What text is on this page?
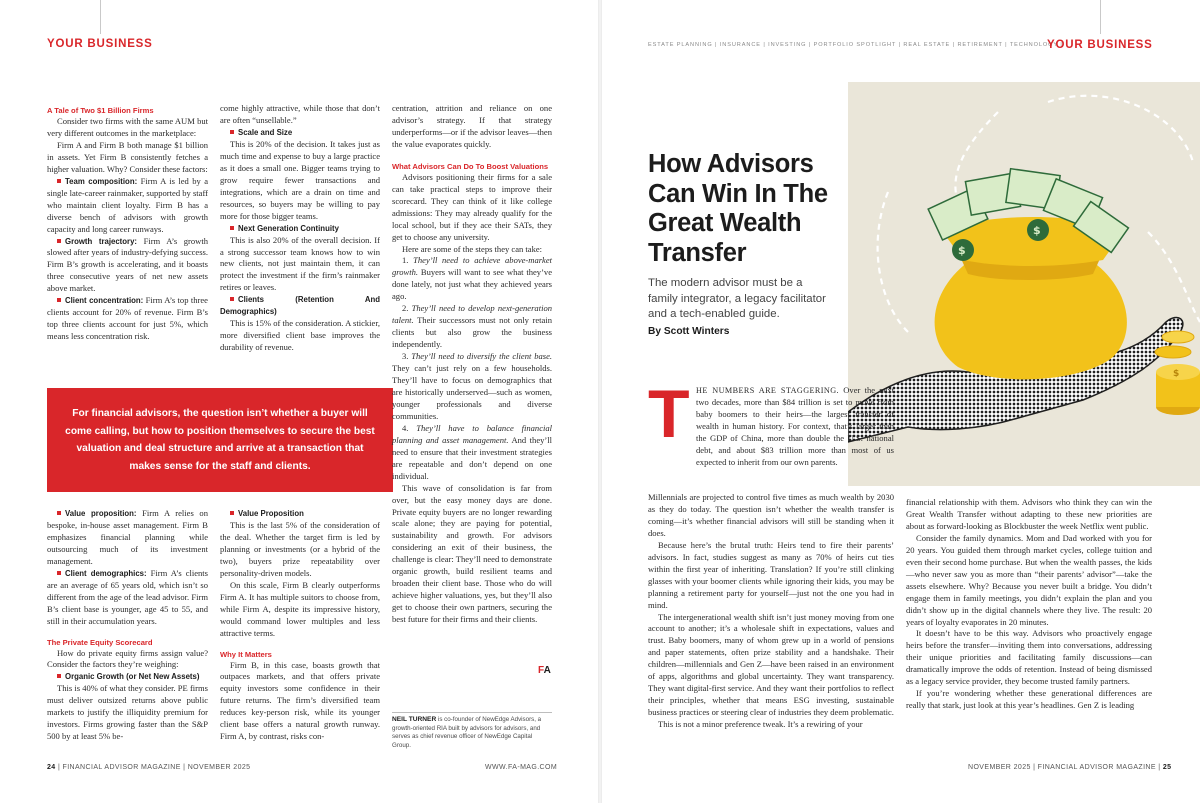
YOUR BUSINESS	ESTATE PLANNING | INSURANCE | INVESTING | PORTFOLIO SPOTLIGHT | REAL ESTATE | RETIREMENT | TECHNOLOGY |
YOUR BUSINESS
A Tale of Two $1 Billion Firms

Consider two firms with the same AUM but very different outcomes in the marketplace:

Firm A and Firm B both manage $1 billion in assets. Yet Firm B consistently fetches a higher valuation. Why? Consider these factors:

Team composition: Firm A is led by a single late-career rainmaker, supported by staff who maintain client loyalty. Firm B has a diverse bench of advisors with growth capacity and long career runways.

Growth trajectory: Firm A’s growth slowed after years of industry-defying success. Firm B’s growth is accelerating, and it boasts three consecutive years of net new assets above market.

Client concentration: Firm A’s top three clients account for 20% of revenue. Firm B’s top three clients account for just 5%, which means less concentration risk.

come highly attractive, while those that don’t are often “unsellable.”

Scale and Size

This is 20% of the decision. It takes just as much time and expense to buy a large practice as it does a small one. Bigger teams trying to grow require fewer transactions and integrations, which are a drain on time and resources, so buyers may be willing to pay more for those bigger teams.

Next Generation Continuity

This is also 20% of the overall decision. If a strong successor team knows how to win new clients, not just maintain them, it can protect the investment if the firm’s rainmaker retires or leaves.

Clients (Retention And Demographics)

This is 15% of the consideration. A stickier, more diversified client base improves the durability of revenue.

For financial advisors, the question isn’t whether a buyer will come calling, but how to position themselves to secure the best valuation and deal structure and arrive at a transaction that makes sense for the staff and clients.

Value proposition: Firm A relies on bespoke, in-house asset management. Firm B emphasizes financial planning while outsourcing much of its investment management.

Client demographics: Firm A’s clients are an average of 65 years old, which isn’t so different from the age of the lead advisor. Firm B’s client base is younger, age 45 to 55, and still in their accumulation years.

The Private Equity Scorecard

How do private equity firms assign value? Consider the factors they’re weighing:

Organic Growth (or Net New Assets)

This is 40% of what they consider. PE firms must deliver outsized returns above public markets to justify the illiquidity premium for investors. Firms growing faster than the S&P 500 by at least 5% be-

Value Proposition

This is the last 5% of the consideration of the deal. Whether the target firm is led by planning or investments (or a hybrid of the two), buyers prize repeatability over personality-driven models.

On this scale, Firm B clearly outperforms Firm A. It has multiple suitors to choose from, while Firm A, despite its impressive history, would command lower multiples and less attractive terms.

Why It Matters

Firm B, in this case, boasts growth that outpaces markets, and that offers private equity investors some confidence in their future returns. The firm’s diversified team reduces key-person risk, while its younger client base offers a natural growth runway. Firm A, by contrast, risks con-

centration, attrition and reliance on one advisor’s strategy. If that strategy underperforms—or if the advisor leaves—then the value evaporates quickly.

What Advisors Can Do To Boost Valuations

Advisors positioning their firms for a sale can take practical steps to improve their scorecard. They can think of it like college admissions: They may already qualify for the local school, but if they ace their SATs, they get to choose any university.

Here are some of the steps they can take:

1. They’ll need to achieve above-market growth. Buyers will want to see what they’ve done lately, not just what they achieved years ago.

2. They’ll need to develop next-generation talent. Their successors must not only retain clients but also grow the business independently.

3. They’ll need to diversify the client base. They can’t just rely on a few households. They’ll have to focus on demographics that are historically underserved—such as women, younger professionals and diverse communities.

4. They’ll have to balance financial planning and asset management. And they’ll need to ensure that their investment strategies are repeatable and don’t depend on one individual.

This wave of consolidation is far from over, but the easy money days are done. Private equity buyers are no longer rewarding scale alone; they are paying for potential, sustainability and growth. For advisors considering an exit of their business, the challenge is clear: They’ll need to demonstrate organic growth, build resilient teams and broaden their client base. Those who do will achieve higher valuations, yes, but they’ll also get to choose their own partners, securing the best future for their firms and their clients.

FA
NEIL TURNER is co-founder of NewEdge Advisors, a growth-oriented RIA built by advisors for advisors, and serves as chief revenue officer of NewEdge Capital Group.
24 | FINANCIAL ADVISOR MAGAZINE | NOVEMBER 2025	WWW.FA-MAG.COM
$
$
$
How Advisors Can Win In The Great Wealth Transfer
The modern advisor must be a family integrator, a legacy facilitator and a tech-enabled guide.
By Scott Winters

HE NUMBERS ARE STAGGERING. Over the next two decades, more than $84 trillion is set to move from baby boomers to their heirs—the largest transfer of wealth in human history. For context, that’s larger than the GDP of China, more than double the U.S. national debt, and about $83 trillion more than most of us expected to inherit from our own parents.

T

Millennials are projected to control five times as much wealth by 2030 as they do today. The question isn’t whether the wealth transfer is coming—it’s whether financial advisors will still be standing when it does.

Because here’s the brutal truth: Heirs tend to fire their parents’ advisors. In fact, studies suggest as many as 70% of heirs cut ties within the first year of inheriting. Translation? If you’re still clinking glasses with your boomer clients while ignoring their kids, you may be planning a retirement party for yourself—just not the one you had in mind.

The intergenerational wealth shift isn’t just money moving from one account to another; it’s a wholesale shift in expectations, values and trust. Baby boomers, many of whom grew up in a world of pensions and paper statements, often prize stability and a handshake. Their children—millennials and Gen Z—have been raised in an environment of apps, algorithms and global uncertainty. They want transparency. They want digital-first service. And they want their portfolios to reflect their principles, whether that means ESG investing, sustainable business practices or steering clear of industries they deem problematic.

This is not a minor preference tweak. It’s a rewiring of your

financial relationship with them. Advisors who think they can win the Great Wealth Transfer without adapting to these new priorities are about as forward-looking as Blockbuster the week Netflix went public.

Consider the family dynamics. Mom and Dad worked with you for 20 years. You guided them through market cycles, college tuition and even their second home purchase. But when the wealth passes, the kids—who never saw you as more than “their parents’ advisor”—take the assets elsewhere. Why? Because you never built a bridge. You didn’t engage them in family meetings, you didn’t explain the plan and you didn’t show up in the digital channels where they live. The result: 20 years of loyalty evaporates in 20 minutes.

It doesn’t have to be this way. Advisors who proactively engage heirs before the transfer—inviting them into conversations, addressing their unique priorities and facilitating family discussions—can dramatically improve the odds of retention. Instead of being dismissed as a legacy service provider, they become trusted family partners.

If you’re wondering whether these generational differences are really that stark, just look at this year’s headlines. Gen Z is leading

NOVEMBER 2025 | FINANCIAL ADVISOR MAGAZINE | 25
